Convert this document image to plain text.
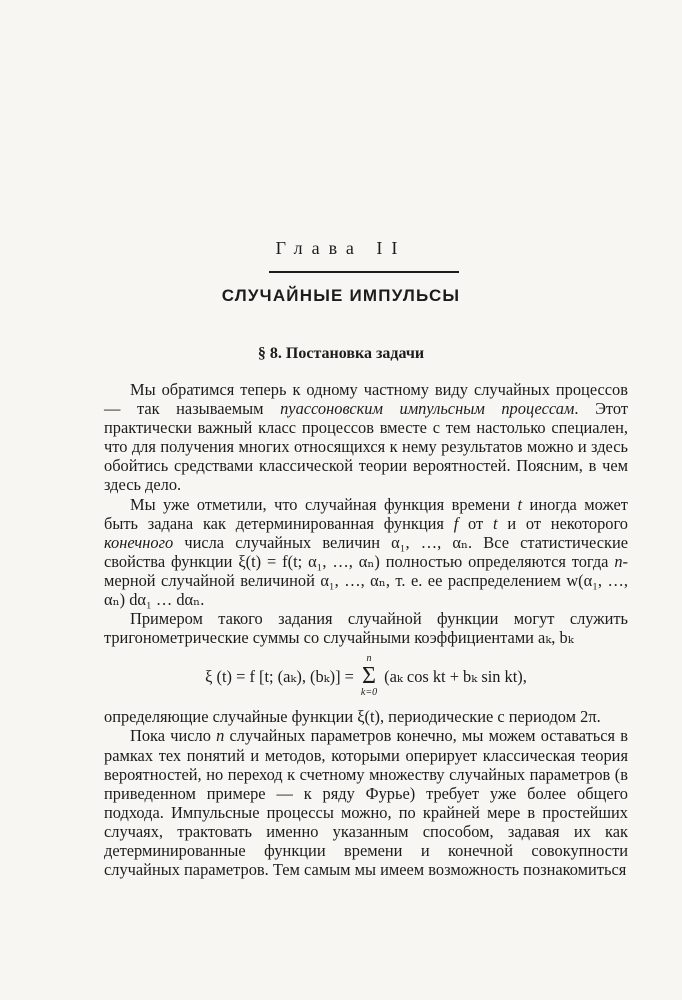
Глава II
СЛУЧАЙНЫЕ ИМПУЛЬСЫ
§ 8. Постановка задачи

Мы обратимся теперь к одному частному виду случайных процессов — так называемым пуассоновским импульсным процессам. Этот практически важный класс процессов вместе с тем настолько специален, что для получения многих относящихся к нему результатов можно и здесь обойтись средствами классической теории вероятностей. Поясним, в чем здесь дело.

Мы уже отметили, что случайная функция времени t иногда может быть задана как детерминированная функция f от t и от некоторого конечного числа случайных величин α₁, …, αₙ. Все статистические свойства функции ξ(t) = f(t; α₁, …, αₙ) полностью определяются тогда n-мерной случайной величиной α₁, …, αₙ, т. е. ее распределением w(α₁, …, αₙ) dα₁ … dαₙ.

Примером такого задания случайной функции могут служить тригонометрические суммы со случайными коэффициентами aₖ, bₖ

ξ (t) = f [t; (aₖ), (bₖ)] =
n
Σ
k=0
(aₖ cos kt + bₖ sin kt),

определяющие случайные функции ξ(t), периодические с периодом 2π.

Пока число n случайных параметров конечно, мы можем оставаться в рамках тех понятий и методов, которыми оперирует классическая теория вероятностей, но переход к счетному множеству случайных параметров (в приведенном примере — к ряду Фурье) требует уже более общего подхода. Импульсные процессы можно, по крайней мере в простейших случаях, трактовать именно указанным способом, задавая их как детерминированные функции времени и конечной совокупности случайных параметров. Тем самым мы имеем возможность познакомиться
